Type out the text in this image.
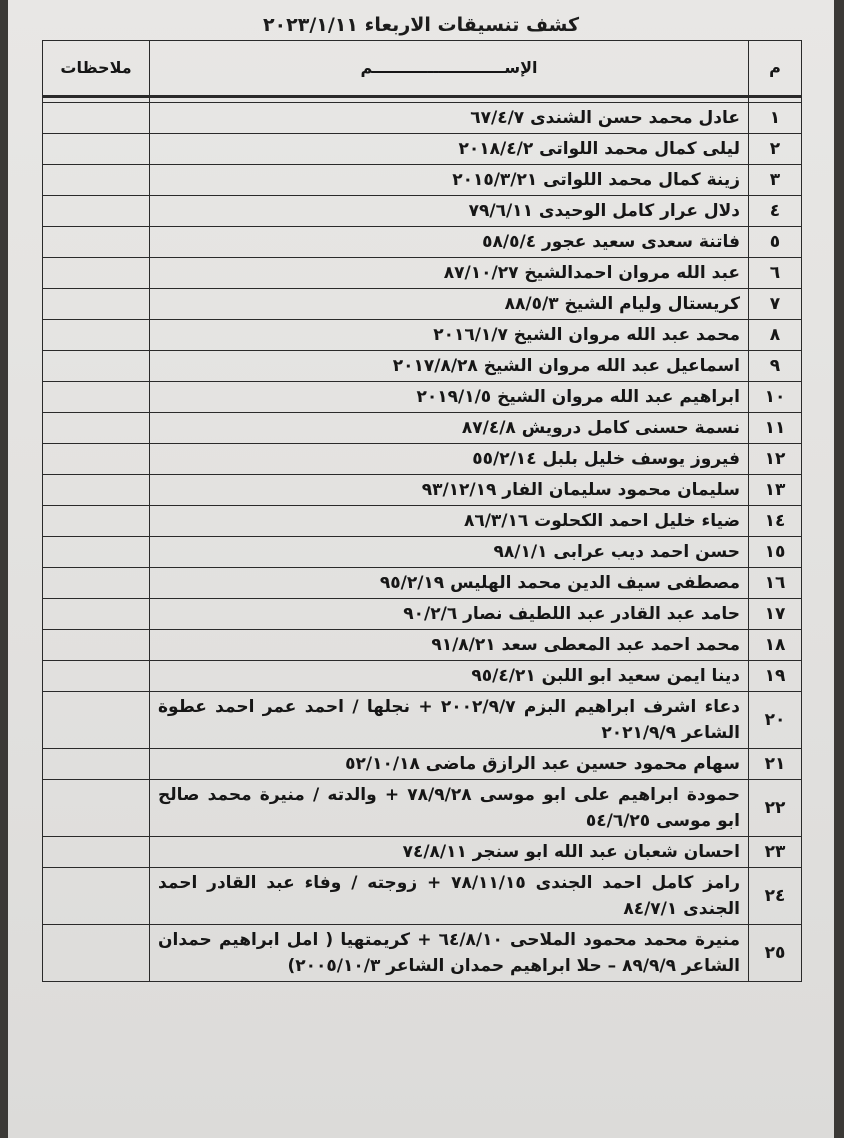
كشف تنسيقات الاربعاء ٢٠٢٣/١/١١
م	الإســــــــــــــــــــــــم	ملاحظات

١	عادل محمد حسن الشندى ٦٧/٤/٧	
٢	ليلى كمال محمد اللواتى ٢٠١٨/٤/٢	
٣	زينة كمال محمد اللواتى ٢٠١٥/٣/٢١	
٤	دلال عرار كامل الوحيدى ٧٩/٦/١١	
٥	فاتنة سعدى سعيد عجور ٥٨/٥/٤	
٦	عبد الله مروان احمدالشيخ ٨٧/١٠/٢٧	
٧	كريستال وليام الشيخ ٨٨/٥/٣	
٨	محمد عبد الله مروان الشيخ ٢٠١٦/١/٧	
٩	اسماعيل عبد الله مروان الشيخ ٢٠١٧/٨/٢٨	
١٠	ابراهيم عبد الله مروان الشيخ ٢٠١٩/١/٥	
١١	نسمة حسنى كامل درويش ٨٧/٤/٨	
١٢	فيروز يوسف خليل بلبل ٥٥/٢/١٤	
١٣	سليمان محمود سليمان الفار ٩٣/١٢/١٩	
١٤	ضياء خليل احمد الكحلوت ٨٦/٣/١٦	
١٥	حسن احمد ديب عرابى ٩٨/١/١	
١٦	مصطفى سيف الدين محمد الهليس ٩٥/٢/١٩	
١٧	حامد عبد القادر عبد اللطيف نصار ٩٠/٢/٦	
١٨	محمد احمد عبد المعطى سعد ٩١/٨/٢١	
١٩	دينا ايمن سعيد ابو اللبن ٩٥/٤/٢١	
٢٠	دعاء اشرف ابراهيم البزم ٢٠٠٢/٩/٧ + نجلها / احمد عمر احمد عطوة الشاعر ٢٠٢١/٩/٩	
٢١	سهام محمود حسين عبد الرازق ماضى ٥٢/١٠/١٨	
٢٢	حمودة ابراهيم على ابو موسى ٧٨/٩/٢٨ + والدته / منيرة محمد صالح ابو موسى ٥٤/٦/٢٥	
٢٣	احسان شعبان عبد الله ابو سنجر ٧٤/٨/١١	
٢٤	رامز كامل احمد الجندى ٧٨/١١/١٥ + زوجته / وفاء عبد القادر احمد الجندى ٨٤/٧/١	
٢٥	منيرة محمد محمود الملاحى ٦٤/٨/١٠ + كريمتهيا ( امل ابراهيم حمدان الشاعر ٨٩/٩/٩ – حلا ابراهيم حمدان الشاعر ٢٠٠٥/١٠/٣)	
